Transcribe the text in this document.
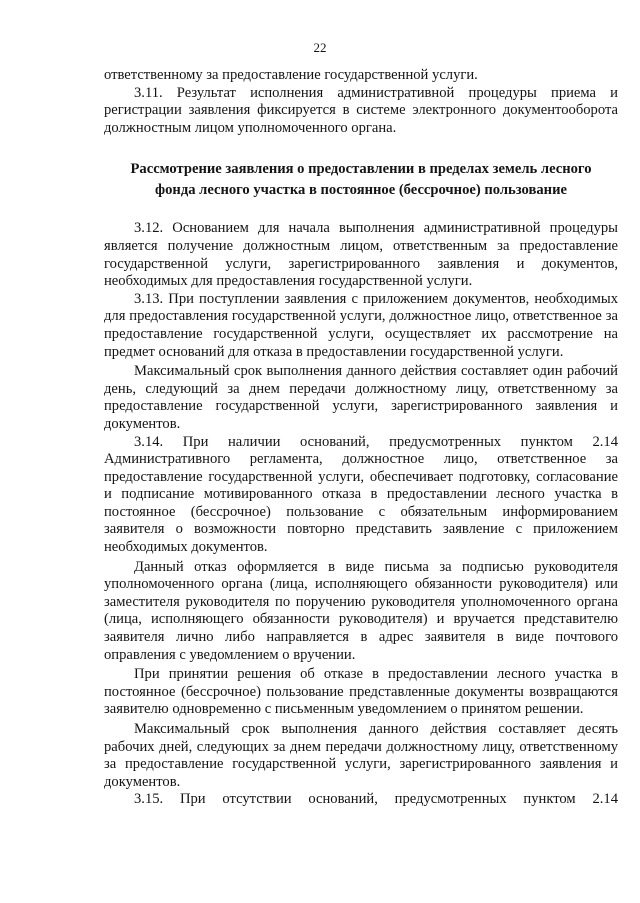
22

ответственному за предоставление государственной услуги.

3.11. Результат исполнения административной процедуры приема и регистрации заявления фиксируется в системе электронного документооборота должностным лицом уполномоченного органа.

Рассмотрение заявления о предоставлении в пределах земель лесного фонда лесного участка в постоянное (бессрочное) пользование

3.12. Основанием для начала выполнения административной процедуры является получение должностным лицом, ответственным за предоставление государственной услуги, зарегистрированного заявления и документов, необходимых для предоставления государственной услуги.

3.13. При поступлении заявления с приложением документов, необходимых для предоставления государственной услуги, должностное лицо, ответственное за предоставление государственной услуги, осуществляет их рассмотрение на предмет оснований для отказа в предоставлении государственной услуги.

Максимальный срок выполнения данного действия составляет один рабочий день, следующий за днем передачи должностному лицу, ответственному за предоставление государственной услуги, зарегистрированного заявления и документов.

3.14. При наличии оснований, предусмотренных пунктом 2.14 Административного регламента, должностное лицо, ответственное за предоставление государственной услуги, обеспечивает подготовку, согласование и подписание мотивированного отказа в предоставлении лесного участка в постоянное (бессрочное) пользование с обязательным информированием заявителя о возможности повторно представить заявление с приложением необходимых документов.

Данный отказ оформляется в виде письма за подписью руководителя уполномоченного органа (лица, исполняющего обязанности руководителя) или заместителя руководителя по поручению руководителя уполномоченного органа (лица, исполняющего обязанности руководителя) и вручается представителю заявителя лично либо направляется в адрес заявителя в виде почтового оправления с уведомлением о вручении.

При принятии решения об отказе в предоставлении лесного участка в постоянное (бессрочное) пользование представленные документы возвращаются заявителю одновременно с письменным уведомлением о принятом решении.

Максимальный срок выполнения данного действия составляет десять рабочих дней, следующих за днем передачи должностному лицу, ответственному за предоставление государственной услуги, зарегистрированного заявления и документов.

3.15. При отсутствии оснований, предусмотренных пунктом 2.14
